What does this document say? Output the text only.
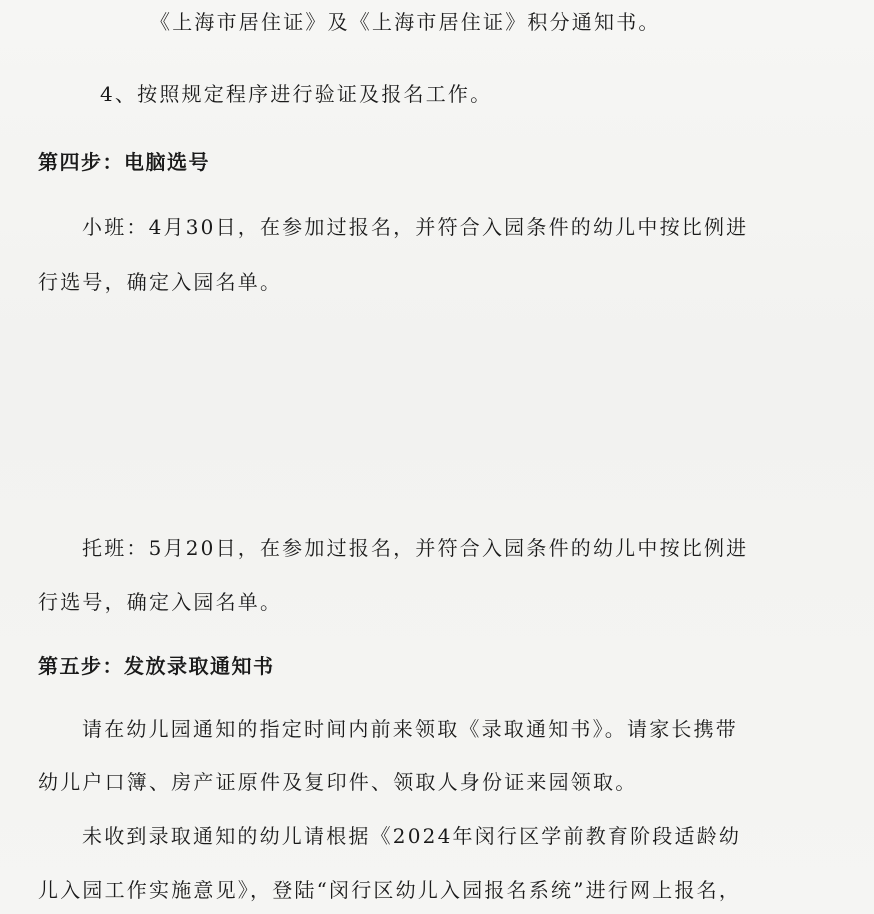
《上海市居住证》及《上海市居住证》积分通知书。
4、按照规定程序进行验证及报名工作。
第四步：电脑选号
小班：4月30日，在参加过报名，并符合入园条件的幼儿中按比例进
行选号，确定入园名单。
托班：5月20日，在参加过报名，并符合入园条件的幼儿中按比例进
行选号，确定入园名单。
第五步：发放录取通知书
请在幼儿园通知的指定时间内前来领取《录取通知书》。请家长携带
幼儿户口簿、房产证原件及复印件、领取人身份证来园领取。
未收到录取通知的幼儿请根据《2024年闵行区学前教育阶段适龄幼
儿入园工作实施意见》，登陆“闵行区幼儿入园报名系统”进行网上报名，
